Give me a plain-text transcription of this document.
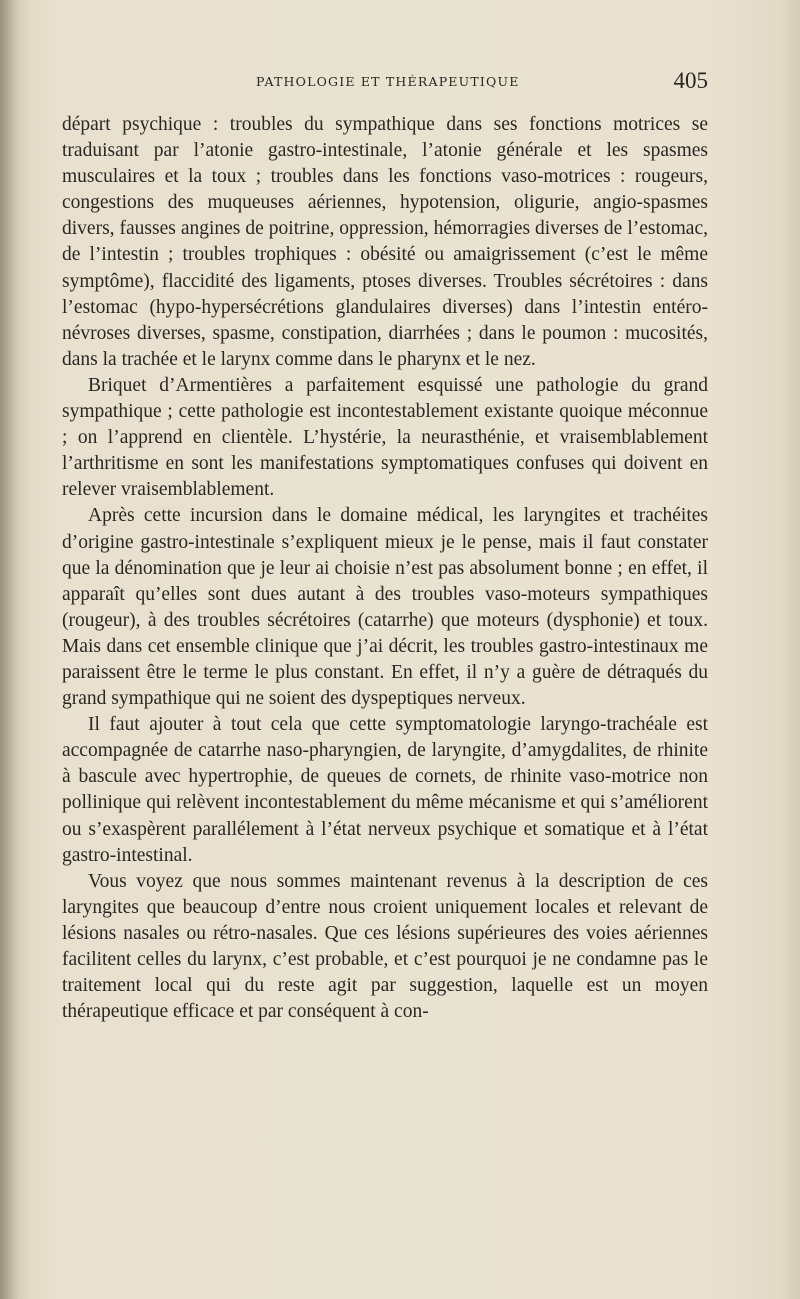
PATHOLOGIE ET THÉRAPEUTIQUE	405

départ psychique : troubles du sympathique dans ses fonctions motrices se traduisant par l’atonie gastro-intestinale, l’atonie générale et les spasmes musculaires et la toux ; troubles dans les fonctions vaso-motrices : rougeurs, congestions des muqueuses aériennes, hypotension, oligurie, angio-spasmes divers, fausses angines de poitrine, oppression, hémorragies diverses de l’estomac, de l’intestin ; troubles trophiques : obésité ou amaigrissement (c’est le même symptôme), flaccidité des ligaments, ptoses diverses. Troubles sécrétoires : dans l’estomac (hypo-hypersécrétions glandulaires diverses) dans l’intestin entéro-névroses diverses, spasme, constipation, diarrhées ; dans le poumon : mucosités, dans la trachée et le larynx comme dans le pharynx et le nez.

Briquet d’Armentières a parfaitement esquissé une pathologie du grand sympathique ; cette pathologie est incontestablement existante quoique méconnue ; on l’apprend en clientèle. L’hystérie, la neurasthénie, et vraisemblablement l’arthritisme en sont les manifestations symptomatiques confuses qui doivent en relever vraisemblablement.

Après cette incursion dans le domaine médical, les laryngites et trachéites d’origine gastro-intestinale s’expliquent mieux je le pense, mais il faut constater que la dénomination que je leur ai choisie n’est pas absolument bonne ; en effet, il apparaît qu’elles sont dues autant à des troubles vaso-moteurs sympathiques (rougeur), à des troubles sécrétoires (catarrhe) que moteurs (dysphonie) et toux. Mais dans cet ensemble clinique que j’ai décrit, les troubles gastro-intestinaux me paraissent être le terme le plus constant. En effet, il n’y a guère de détraqués du grand sympathique qui ne soient des dyspeptiques nerveux.

Il faut ajouter à tout cela que cette symptomatologie laryngo-trachéale est accompagnée de catarrhe naso-pharyngien, de laryngite, d’amygdalites, de rhinite à bascule avec hypertrophie, de queues de cornets, de rhinite vaso-motrice non pollinique qui relèvent incontestablement du même mécanisme et qui s’améliorent ou s’exaspèrent parallélement à l’état nerveux psychique et somatique et à l’état gastro-intestinal.

Vous voyez que nous sommes maintenant revenus à la description de ces laryngites que beaucoup d’entre nous croient uniquement locales et relevant de lésions nasales ou rétro-nasales. Que ces lésions supérieures des voies aériennes facilitent celles du larynx, c’est probable, et c’est pourquoi je ne condamne pas le traitement local qui du reste agit par suggestion, laquelle est un moyen thérapeutique efficace et par conséquent à con-
